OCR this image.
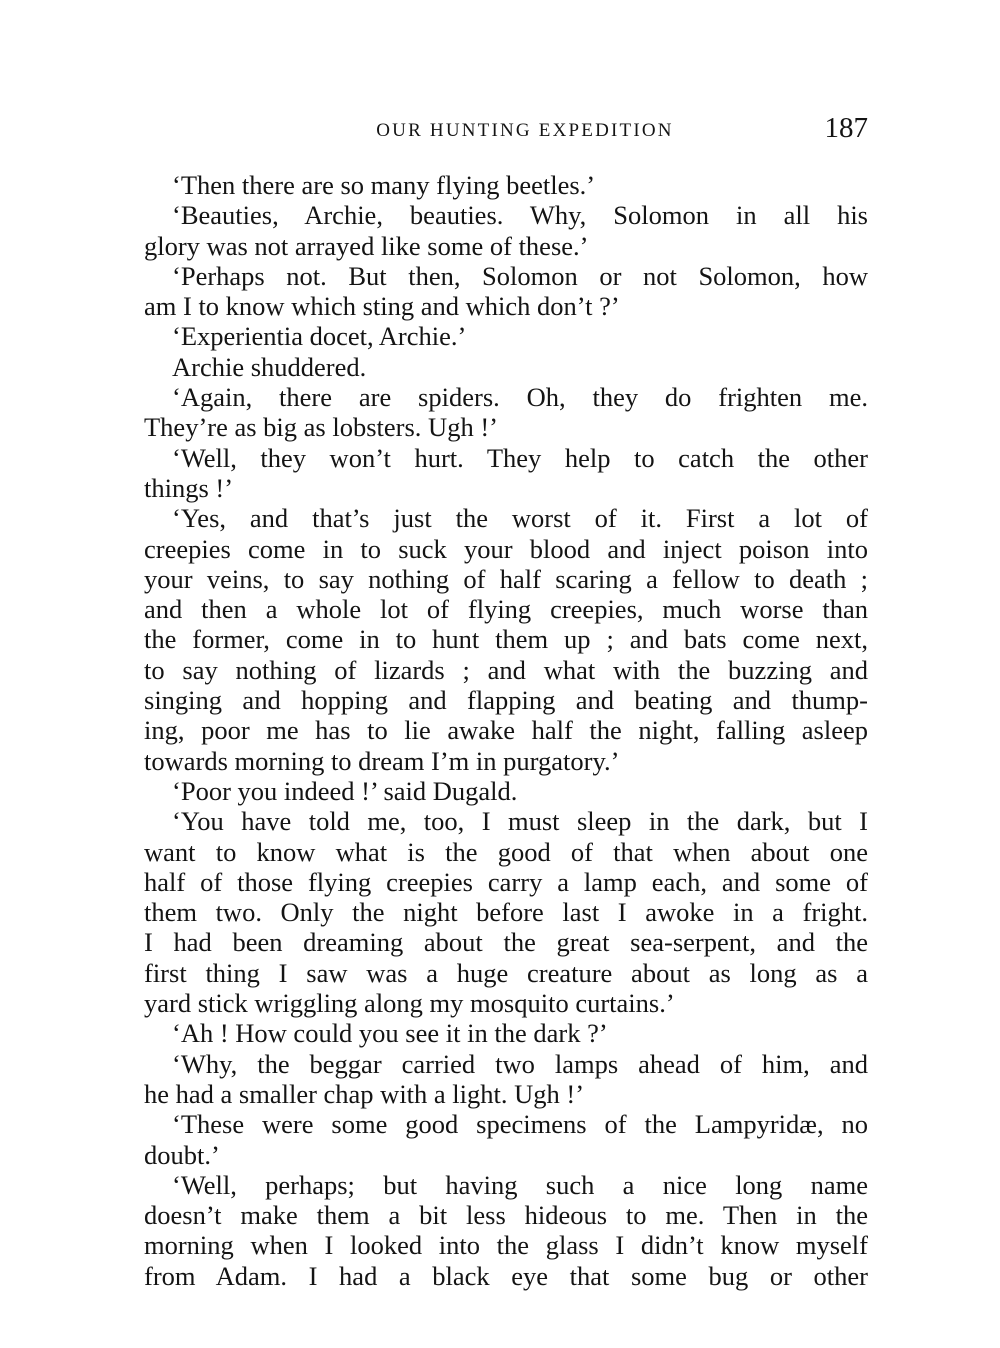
OUR HUNTING EXPEDITION	187
‘Then there are so many flying beetles.’
‘Beauties, Archie, beauties. Why, Solomon in all his
glory was not arrayed like some of these.’
‘Perhaps not. But then, Solomon or not Solomon, how
am I to know which sting and which don’t ?’
‘Experientia docet, Archie.’
Archie shuddered.
‘Again, there are spiders. Oh, they do frighten me.
They’re as big as lobsters. Ugh !’
‘Well, they won’t hurt. They help to catch the other
things !’
‘Yes, and that’s just the worst of it. First a lot of
creepies come in to suck your blood and inject poison into
your veins, to say nothing of half scaring a fellow to death ;
and then a whole lot of flying creepies, much worse than
the former, come in to hunt them up ; and bats come next,
to say nothing of lizards ; and what with the buzzing and
singing and hopping and flapping and beating and thump-
ing, poor me has to lie awake half the night, falling asleep
towards morning to dream I’m in purgatory.’
‘Poor you indeed !’ said Dugald.
‘You have told me, too, I must sleep in the dark, but I
want to know what is the good of that when about one
half of those flying creepies carry a lamp each, and some of
them two. Only the night before last I awoke in a fright.
I had been dreaming about the great sea-serpent, and the
first thing I saw was a huge creature about as long as a
yard stick wriggling along my mosquito curtains.’
‘Ah ! How could you see it in the dark ?’
‘Why, the beggar carried two lamps ahead of him, and
he had a smaller chap with a light. Ugh !’
‘These were some good specimens of the Lampyridæ, no
doubt.’
‘Well, perhaps; but having such a nice long name
doesn’t make them a bit less hideous to me. Then in the
morning when I looked into the glass I didn’t know myself
from Adam. I had a black eye that some bug or other
